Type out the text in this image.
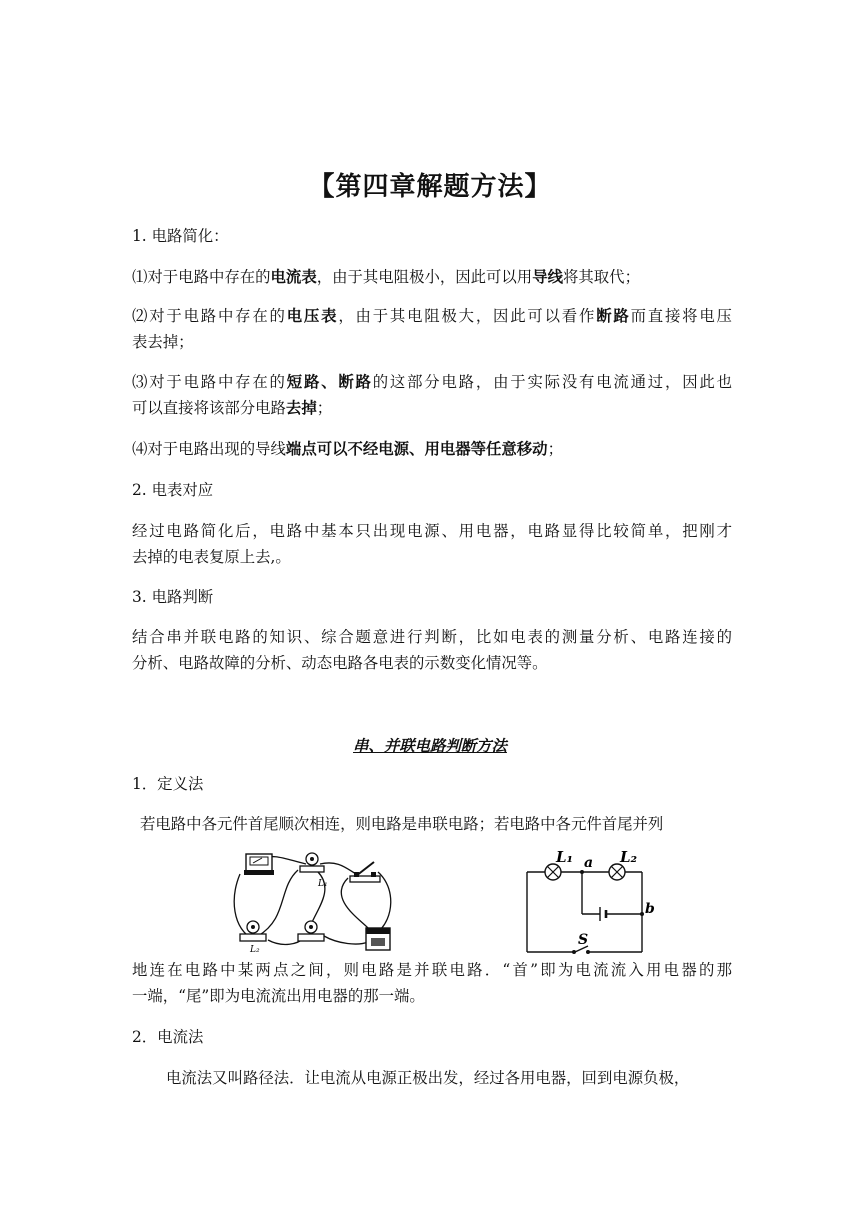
【第四章解题方法】
1. 电路简化：
⑴对于电路中存在的电流表，由于其电阻极小，因此可以用导线将其取代；
⑵对于电路中存在的电压表，由于其电阻极大，因此可以看作断路而直接将电压
表去掉；
⑶对于电路中存在的短路、断路的这部分电路，由于实际没有电流通过，因此也
可以直接将该部分电路去掉；
⑷对于电路出现的导线端点可以不经电源、用电器等任意移动；
2. 电表对应
经过电路简化后，电路中基本只出现电源、用电器，电路显得比较简单，把刚才
去掉的电表复原上去,。
3. 电路判断
结合串并联电路的知识、综合题意进行判断，比如电表的测量分析、电路连接的
分析、电路故障的分析、动态电路各电表的示数变化情况等。
串、并联电路判断方法
1．定义法
若电路中各元件首尾顺次相连，则电路是串联电路；若电路中各元件首尾并列
L₁
L₂
L₁	L₂
a
b
S
地连在电路中某两点之间，则电路是并联电路．“首”即为电流流入用电器的那
一端，“尾”即为电流流出用电器的那一端。
2．电流法
电流法又叫路径法．让电流从电源正极出发，经过各用电器，回到电源负极，
